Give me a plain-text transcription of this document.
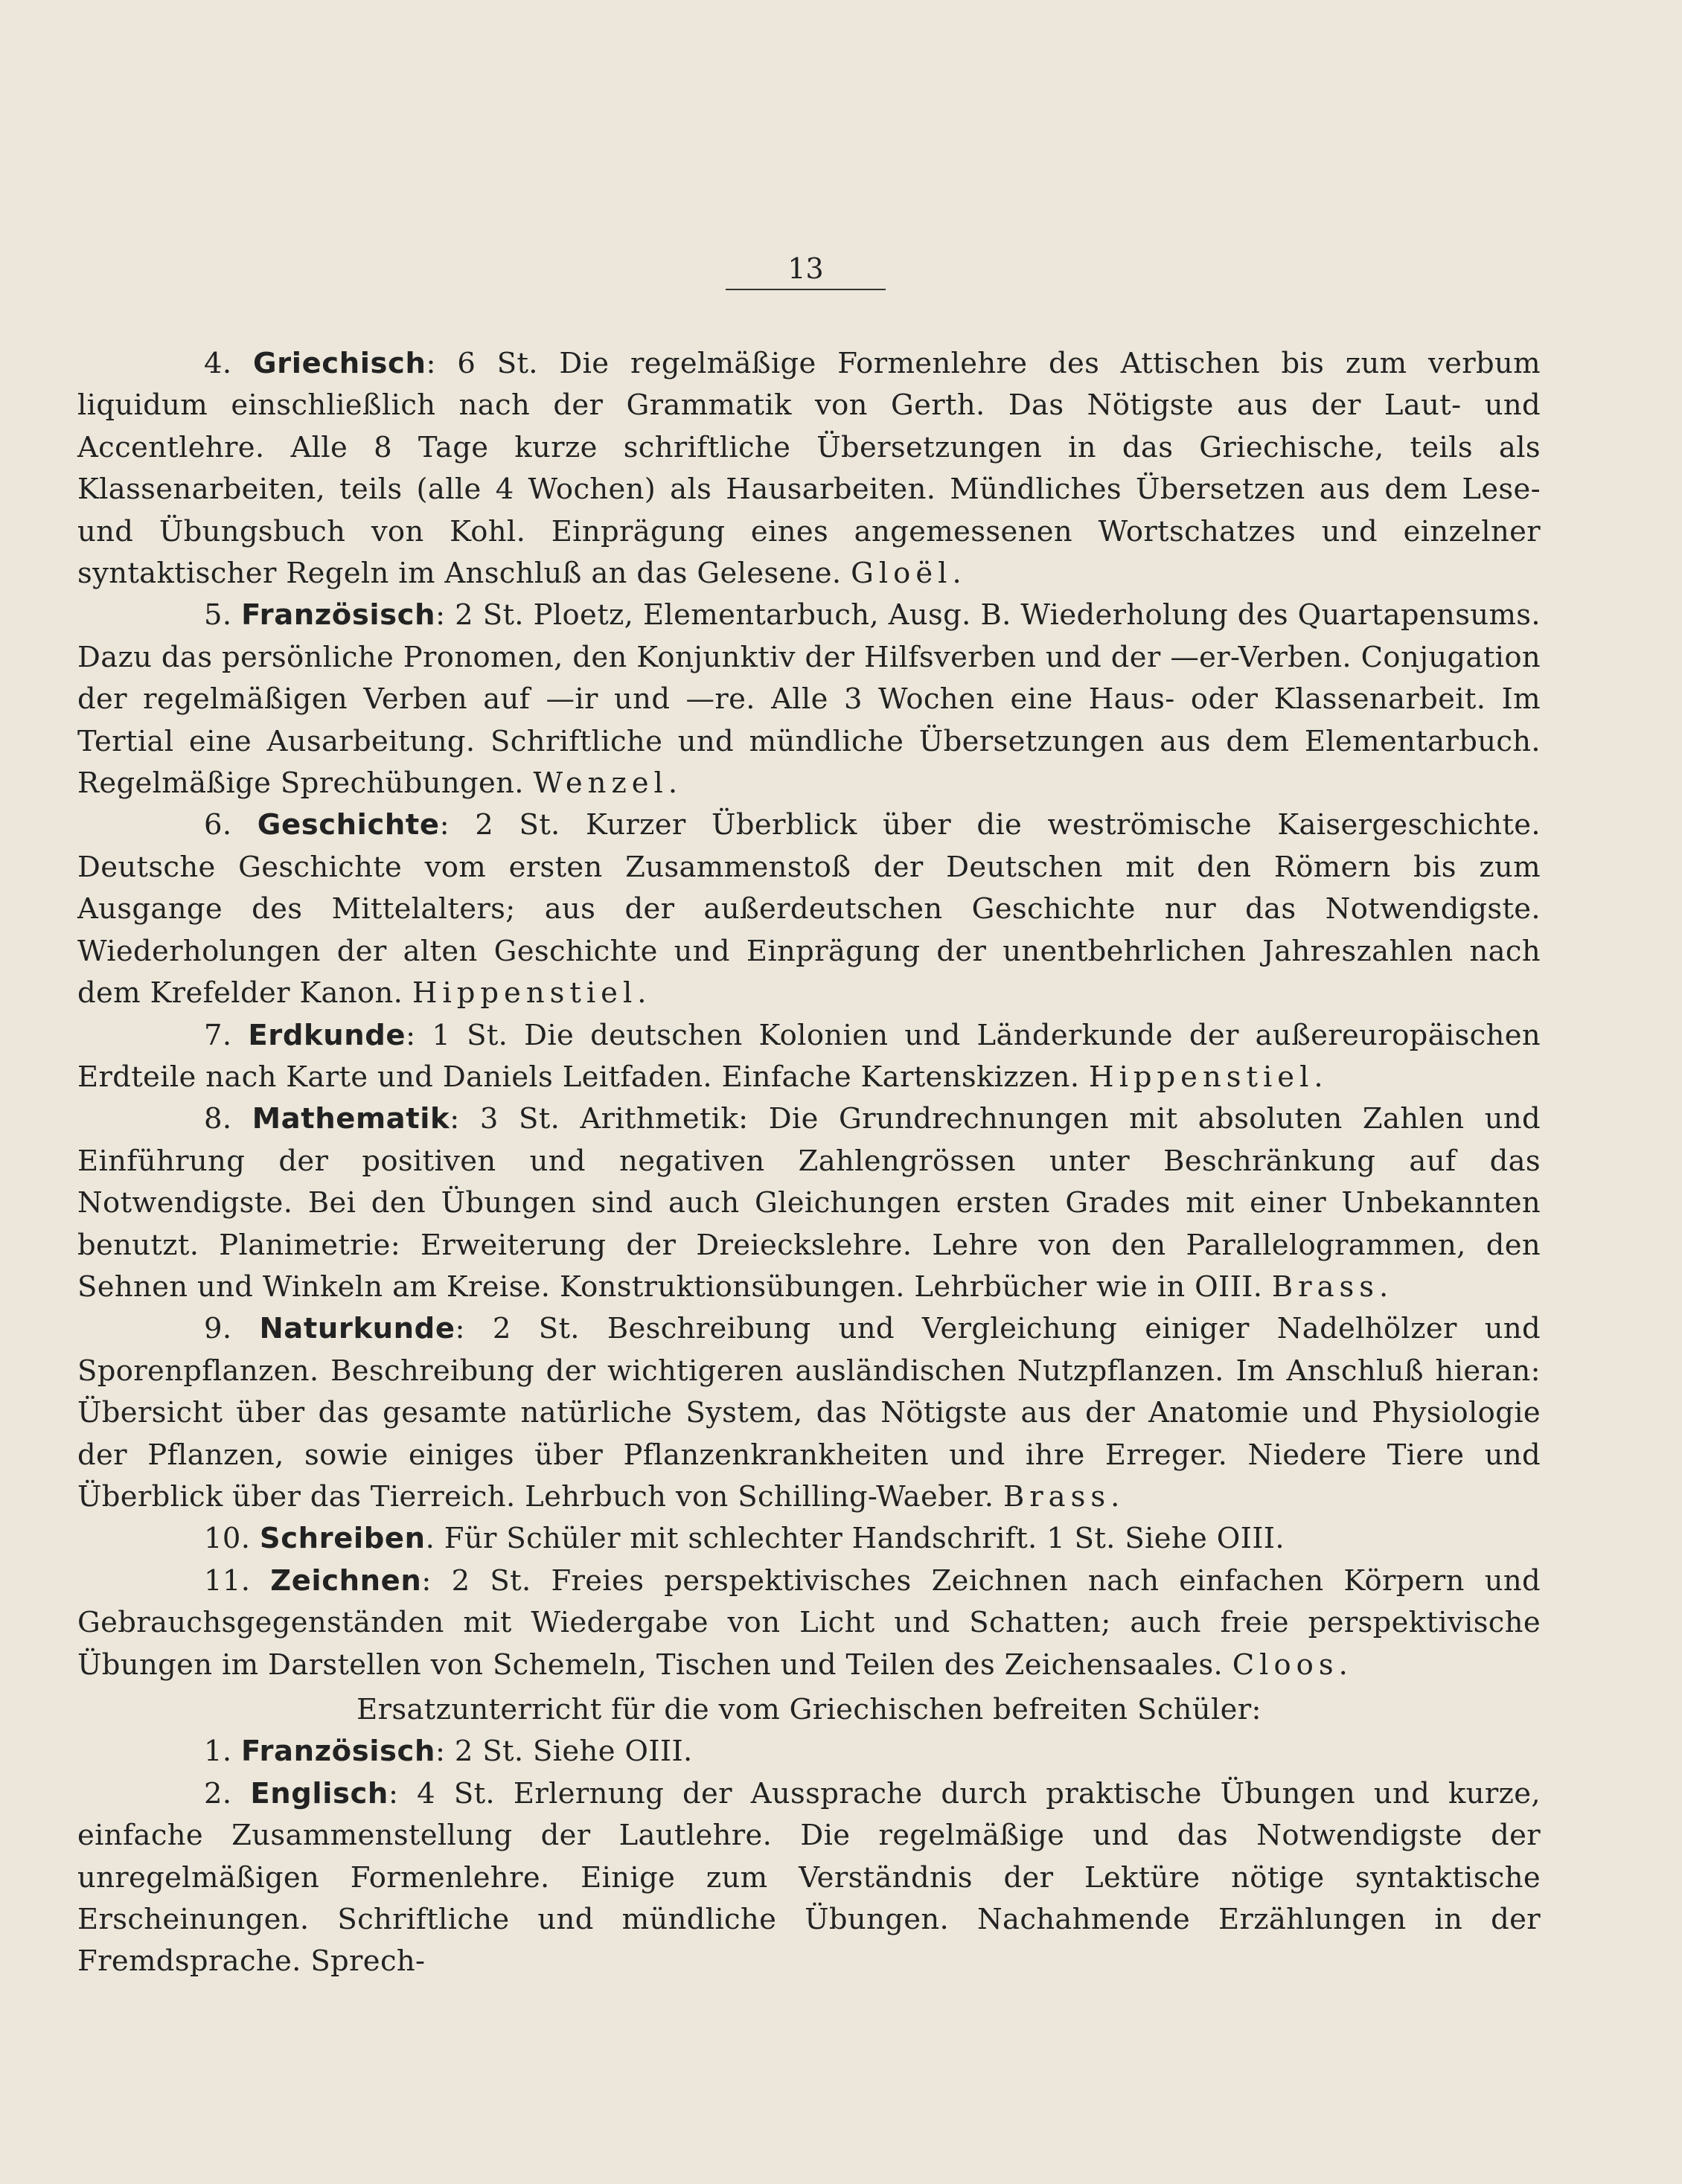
13

4. Griechisch: 6 St. Die regelmäßige Formenlehre des Attischen bis zum verbum liquidum einschließlich nach der Grammatik von Gerth. Das Nötigste aus der Laut- und Accentlehre. Alle 8 Tage kurze schriftliche Übersetzungen in das Griechische, teils als Klassenarbeiten, teils (alle 4 Wochen) als Hausarbeiten. Mündliches Übersetzen aus dem Lese- und Übungsbuch von Kohl. Einprägung eines angemessenen Wortschatzes und einzelner syntaktischer Regeln im Anschluß an das Gelesene. Gloël.

5. Französisch: 2 St. Ploetz, Elementarbuch, Ausg. B. Wiederholung des Quartapensums. Dazu das persönliche Pronomen, den Konjunktiv der Hilfsverben und der —er-Verben. Conjugation der regelmäßigen Verben auf —ir und —re. Alle 3 Wochen eine Haus- oder Klassenarbeit. Im Tertial eine Ausarbeitung. Schriftliche und mündliche Übersetzungen aus dem Elementarbuch. Regelmäßige Sprechübungen. Wenzel.

6. Geschichte: 2 St. Kurzer Überblick über die weströmische Kaisergeschichte. Deutsche Geschichte vom ersten Zusammenstoß der Deutschen mit den Römern bis zum Ausgange des Mittelalters; aus der außerdeutschen Geschichte nur das Notwendigste. Wiederholungen der alten Geschichte und Einprägung der unentbehrlichen Jahreszahlen nach dem Krefelder Kanon. Hippenstiel.

7. Erdkunde: 1 St. Die deutschen Kolonien und Länderkunde der außereuropäischen Erdteile nach Karte und Daniels Leitfaden. Einfache Kartenskizzen. Hippenstiel.

8. Mathematik: 3 St. Arithmetik: Die Grundrechnungen mit absoluten Zahlen und Einführung der positiven und negativen Zahlengrössen unter Beschränkung auf das Notwendigste. Bei den Übungen sind auch Gleichungen ersten Grades mit einer Unbekannten benutzt. Planimetrie: Erweiterung der Dreieckslehre. Lehre von den Parallelogrammen, den Sehnen und Winkeln am Kreise. Konstruktionsübungen. Lehrbücher wie in OIII. Brass.

9. Naturkunde: 2 St. Beschreibung und Vergleichung einiger Nadelhölzer und Sporenpflanzen. Beschreibung der wichtigeren ausländischen Nutzpflanzen. Im Anschluß hieran: Übersicht über das gesamte natürliche System, das Nötigste aus der Anatomie und Physiologie der Pflanzen, sowie einiges über Pflanzenkrankheiten und ihre Erreger. Niedere Tiere und Überblick über das Tierreich. Lehrbuch von Schilling-Waeber. Brass.

10. Schreiben. Für Schüler mit schlechter Handschrift. 1 St. Siehe OIII.

11. Zeichnen: 2 St. Freies perspektivisches Zeichnen nach einfachen Körpern und Gebrauchsgegenständen mit Wiedergabe von Licht und Schatten; auch freie perspektivische Übungen im Darstellen von Schemeln, Tischen und Teilen des Zeichensaales. Cloos.

Ersatzunterricht für die vom Griechischen befreiten Schüler:

1. Französisch: 2 St. Siehe OIII.

2. Englisch: 4 St. Erlernung der Aussprache durch praktische Übungen und kurze, einfache Zusammenstellung der Lautlehre. Die regelmäßige und das Notwendigste der unregelmäßigen Formenlehre. Einige zum Verständnis der Lektüre nötige syntaktische Erscheinungen. Schriftliche und mündliche Übungen. Nachahmende Erzählungen in der Fremdsprache. Sprech-
